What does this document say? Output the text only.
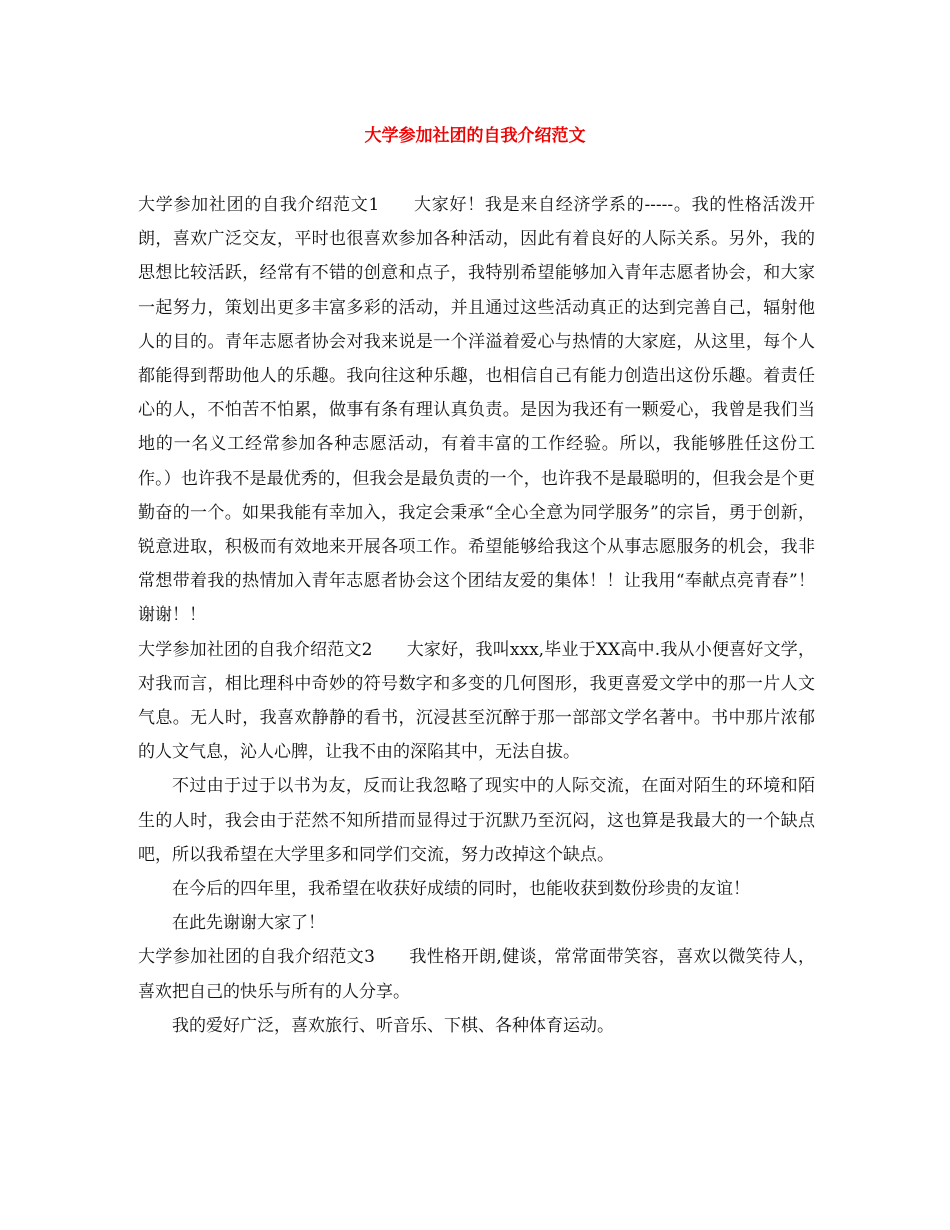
大学参加社团的自我介绍范文

大学参加社团的自我介绍范文1 大家好！我是来自经济学系的-----。我的性格活泼开朗，喜欢广泛交友，平时也很喜欢参加各种活动，因此有着良好的人际关系。另外，我的思想比较活跃，经常有不错的创意和点子，我特别希望能够加入青年志愿者协会，和大家一起努力，策划出更多丰富多彩的活动，并且通过这些活动真正的达到完善自己，辐射他人的目的。青年志愿者协会对我来说是一个洋溢着爱心与热情的大家庭，从这里，每个人都能得到帮助他人的乐趣。我向往这种乐趣，也相信自己有能力创造出这份乐趣。着责任心的人，不怕苦不怕累，做事有条有理认真负责。是因为我还有一颗爱心，我曾是我们当地的一名义工经常参加各种志愿活动，有着丰富的工作经验。所以，我能够胜任这份工作。）也许我不是最优秀的，但我会是最负责的一个，也许我不是最聪明的，但我会是个更勤奋的一个。如果我能有幸加入，我定会秉承“全心全意为同学服务”的宗旨，勇于创新，锐意进取，积极而有效地来开展各项工作。希望能够给我这个从事志愿服务的机会，我非常想带着我的热情加入青年志愿者协会这个团结友爱的集体！！让我用“奉献点亮青春”！谢谢！！

大学参加社团的自我介绍范文2 大家好，我叫xxx,毕业于XX高中.我从小便喜好文学，对我而言，相比理科中奇妙的符号数字和多变的几何图形，我更喜爱文学中的那一片人文气息。无人时，我喜欢静静的看书，沉浸甚至沉醉于那一部部文学名著中。书中那片浓郁的人文气息，沁人心脾，让我不由的深陷其中，无法自拔。

不过由于过于以书为友，反而让我忽略了现实中的人际交流，在面对陌生的环境和陌生的人时，我会由于茫然不知所措而显得过于沉默乃至沉闷，这也算是我最大的一个缺点吧，所以我希望在大学里多和同学们交流，努力改掉这个缺点。

在今后的四年里，我希望在收获好成绩的同时，也能收获到数份珍贵的友谊！

在此先谢谢大家了！

大学参加社团的自我介绍范文3 我性格开朗,健谈，常常面带笑容，喜欢以微笑待人，喜欢把自己的快乐与所有的人分享。

我的爱好广泛，喜欢旅行、听音乐、下棋、各种体育运动。
